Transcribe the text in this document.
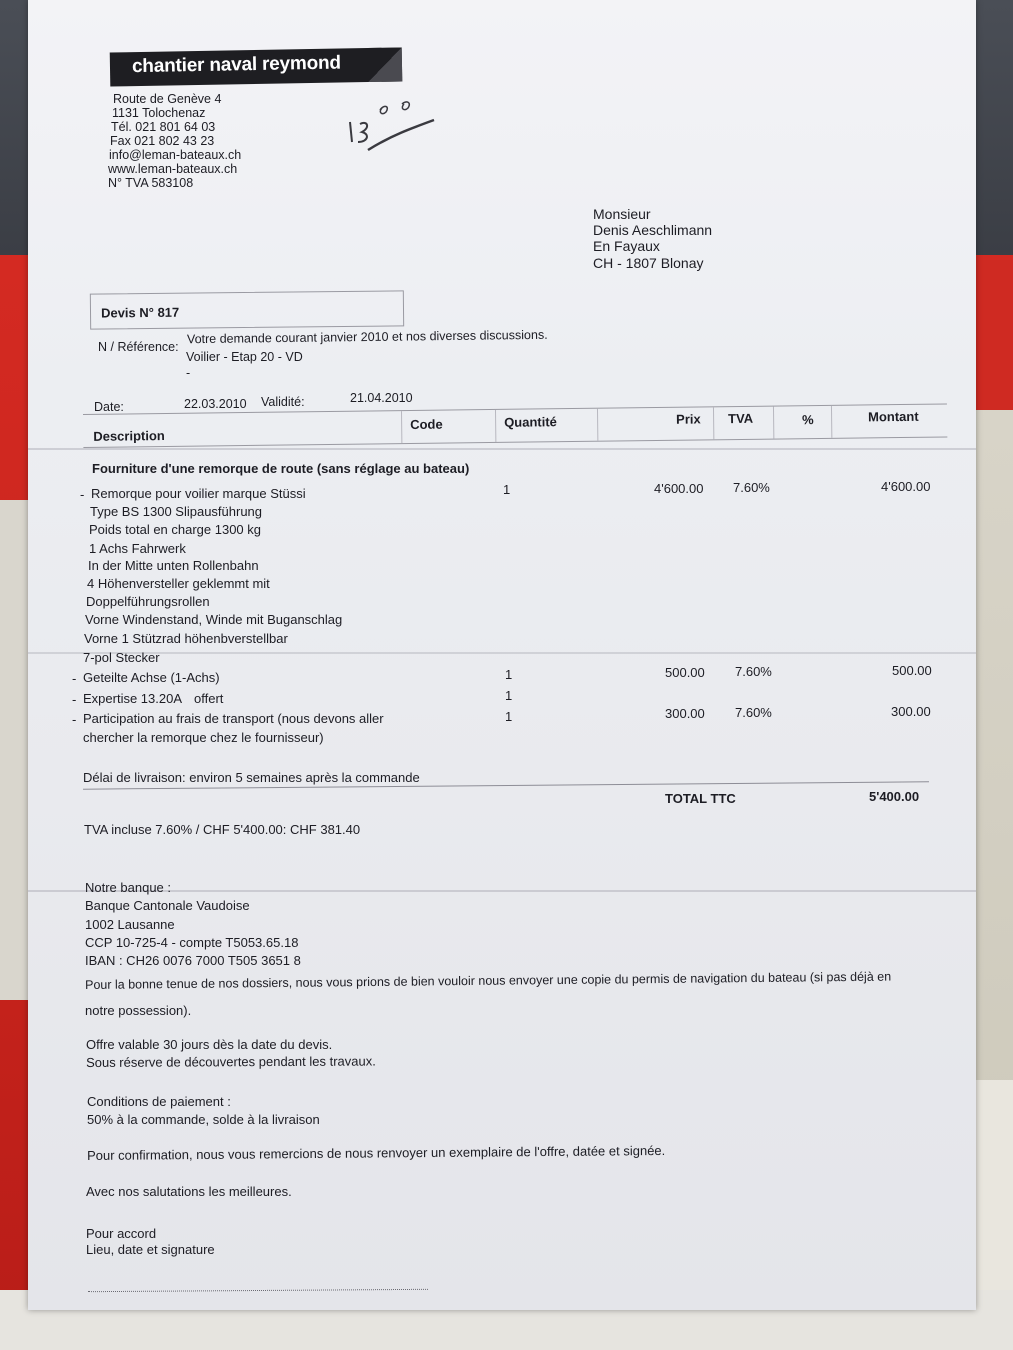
chantier naval reymond
Route de Genève 4
1131 Tolochenaz
Tél. 021 801 64 03
Fax 021 802 43 23
info@leman-bateaux.ch
www.leman-bateaux.ch
N° TVA 583108
Monsieur
Denis Aeschlimann
En Fayaux
CH - 1807 Blonay
Devis N° 817
N / Référence:
Votre demande courant janvier 2010 et nos diverses discussions.
Voilier - Etap 20 - VD
-
Date:	22.03.2010 Validité:	21.04.2010
Description
Code	Quantité	Prix TVA	%	Montant
Fourniture d'une remorque de route (sans réglage au bateau)
- Remorque pour voilier marque Stüssi
Type BS 1300 Slipausführung
Poids total en charge 1300 kg
1 Achs Fahrwerk
In der Mitte unten Rollenbahn
4 Höhenversteller geklemmt mit
Doppelführungsrollen
Vorne Windenstand, Winde mit Buganschlag
Vorne 1 Stützrad höhenbverstellbar
7-pol Stecker
1	4'600.00 7.60%	4'600.00
- Geteilte Achse (1-Achs)	1	500.00 7.60%	500.00
- Expertise 13.20A offert	1
- Participation au frais de transport (nous devons aller
chercher la remorque chez le fournisseur)
1	300.00 7.60%	300.00
Délai de livraison: environ 5 semaines après la commande
TOTAL TTC	5'400.00
TVA incluse 7.60% / CHF 5'400.00: CHF 381.40
Notre banque :
Banque Cantonale Vaudoise
1002 Lausanne
CCP 10-725-4 - compte T5053.65.18
IBAN : CH26 0076 7000 T505 3651 8
Pour la bonne tenue de nos dossiers, nous vous prions de bien vouloir nous envoyer une copie du permis de navigation du bateau (si pas déjà en
notre possession).
Offre valable 30 jours dès la date du devis.
Sous réserve de découvertes pendant les travaux.
Conditions de paiement :
50% à la commande, solde à la livraison
Pour confirmation, nous vous remercions de nous renvoyer un exemplaire de l'offre, datée et signée.
Avec nos salutations les meilleures.
Pour accord
Lieu, date et signature
